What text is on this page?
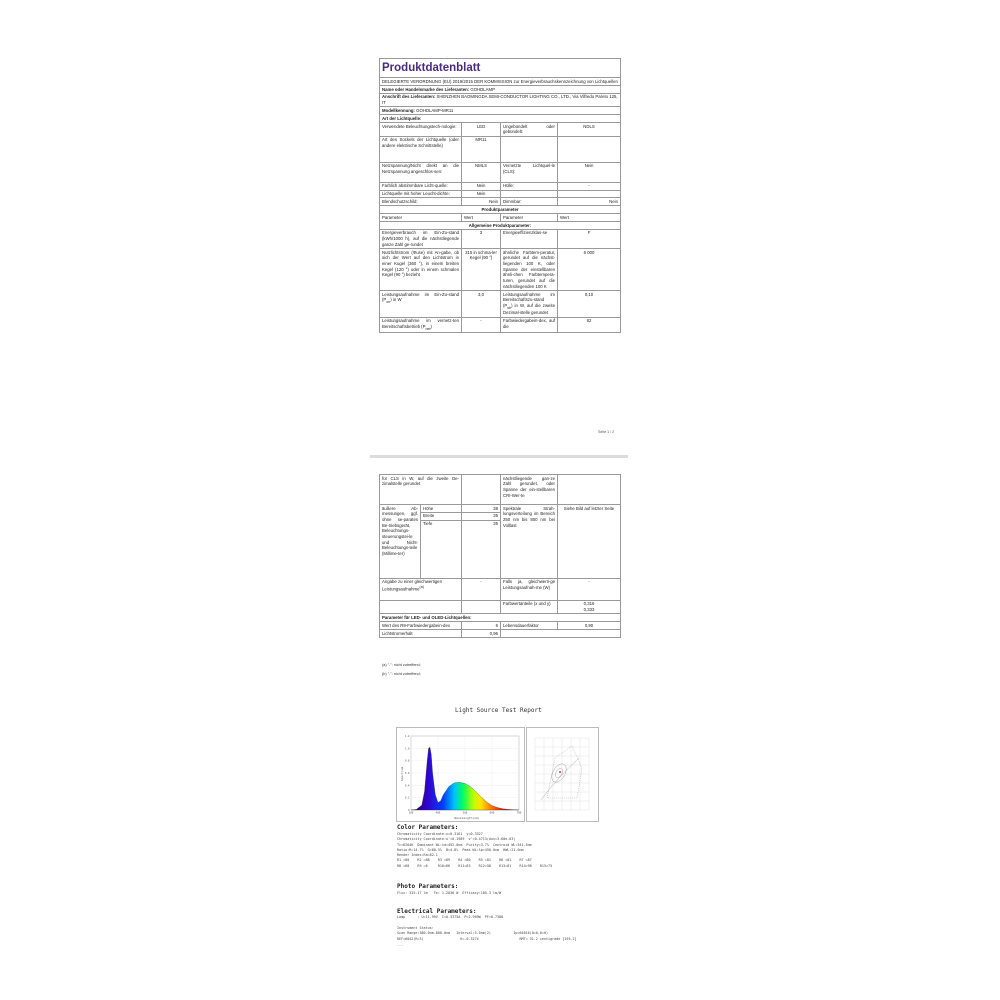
Produktdatenblatt			
DELEGIERTE VERORDNUNG (EU) 2019/2015 DER KOMMISSION zur Energieverbrauchskennzeichnung von Lichtquellen			
Name oder Handelsmarke des Lieferanten: GOHDLAMP			
Anschrift des Lieferanten: SHENZHEN BAOMINGDA SEMI-CONDUCTOR LIGHTING CO., LTD., Via Vilfredo Pareto 125, IT			
Modellkennung: GOHDLAMP-MR11			
Art der Lichtquelle:			
Verwendete Beleuchtungstech-nologie:	LED	Ungebündelt oder gebündelt:	NDLS
Art des Sockels der Lichtquelle (oder andere elektrische Schnittstelle)	MR11		
Netzspannung/Nicht direkt an die Netzspannung angeschlos-sen:	NMLS	Vernetzte Lichtquel-le (CLS):	Nein
Farblich abstimmbare Licht-quelle:	Nein	Hülle:	-
Lichtquelle mit hoher Leucht-dichte:	Nein		
Blendschutzschild:	Nein	Dimmbar:	Nein
Produktparameter			
Parameter	Wert	Parameter	Wert
Allgemeine Produktparameter:			
Energieverbrauch im Ein-Zu-stand (kWh/1000 h), auf die nächstliegende ganze Zahl ge-rundet	3	Energieeffizienzklas-se	F
Nutzlichtstrom (Φuse) mit An-gabe, ob sich der Wert auf den Lichtstrom in einer Kugel (360 °), in einem breiten Kegel (120 °) oder in einem schmalen Kegel (90 °) bezieht	315 in schma-ler Kegel (90 °)	ähnliche Farbtem-peratur, gerundet auf die nächst-liegenden 100 K, oder Spanne der einstellbaren ähnli-chen Farbtempera-turen, gerundet auf die nächstliegenden 100 K	6 000
Leistungsaufnahme im Ein-Zu-stand $(P_{on})$ in W	3,0	Leistungsaufnahme im Bereitschaftszu-stand $(P_{sb})$ in W, auf die zweite Dezimal-stelle gerundet	0,10
Leistungsaufnahme im vernetz-ten Bereitschaftsbetrieb $(P_{net})$	-	Farbwiedergabein-dex, auf die	82
Seite 1 / 2
für CLS in W, auf die zweite De-zimalstelle gerundet			nächstliegende gan-ze Zahl gerundet, oder Spanne der ein-stellbaren CRI-Wer-te	
äußere Ab-messungen, ggf. ohne se-parates Be-triebsgerät, Beleuchtungs-steuerungstei-le und Nicht-Beleuchtungs-teile (Millime-ter)	Höhe	38	Spektrale Strah-lungsverteilung im Bereich 250 nm bis 800 nm bei Volllast	Siehe Bild auf letzter Seite
	Breite	35		
	Tiefe	35		
Angabe zu einer gleichwertigen Leistungsaufnahme$^{(a)}$		-	Falls ja, gleichwerti-ge Leistungsaufnah-me (W)	-
			Farbwertanteile (x und y)	0,316
0,333

Parameter für LED- und OLED-Lichtquellen:				
Wert des R9-Farbwiedergabein-dex		6	Lebensdauerfaktor	0,90
Lichtstromerhalt		0,96		
(a) "-": nicht zutreffend;
(b) "-": nicht zutreffend;
Light Source Test Report
0
0.2
0.4
0.6
0.8
1.0
1.2
380	480	580	680	780
Wavelength(nm)
Spectrum
Color Parameters:
Chromaticity Coordinate:x=0.3161  y=0.3327
Chromaticity Coordinate:u'=0.1989  v'=0.4713(duv=3.60e-03)
Tc=6264K  Dominant WL:λd=492.0nm  Purity=3.7%  Centroid WL:541.5nm
Ratio:R=14.7%  G=80.5%  B=4.8%  Peak WL:λp=450.0nm  HWL:21.0nm
Render Index:Ra=82.1
R1 =80    R2 =88    R3 =89    R4 =80    R5 =81    R6 =81    R7 =87
R8 =68    R9 =6     R10=66    R11=83    R12=58    R13=81    R14=98    R15=75
Photo Parameters:
Flux: 315.17 lm   Fe: 1.2036 W  Efficacy:105.3 lm/W
Electrical Parameters:
Lamp      : U=11.99V  I=0.3375A  P=2.969W  PF=0.7388
Instrument Status:
Scan Range:380.0nm-800.0nm   Interval:5.0nm(2)           Ip=64616(0=0,0=0)
REF=6042(R=3)                  K=-0.3274                    RMT= 31.2 centigrade [195.2]
---
